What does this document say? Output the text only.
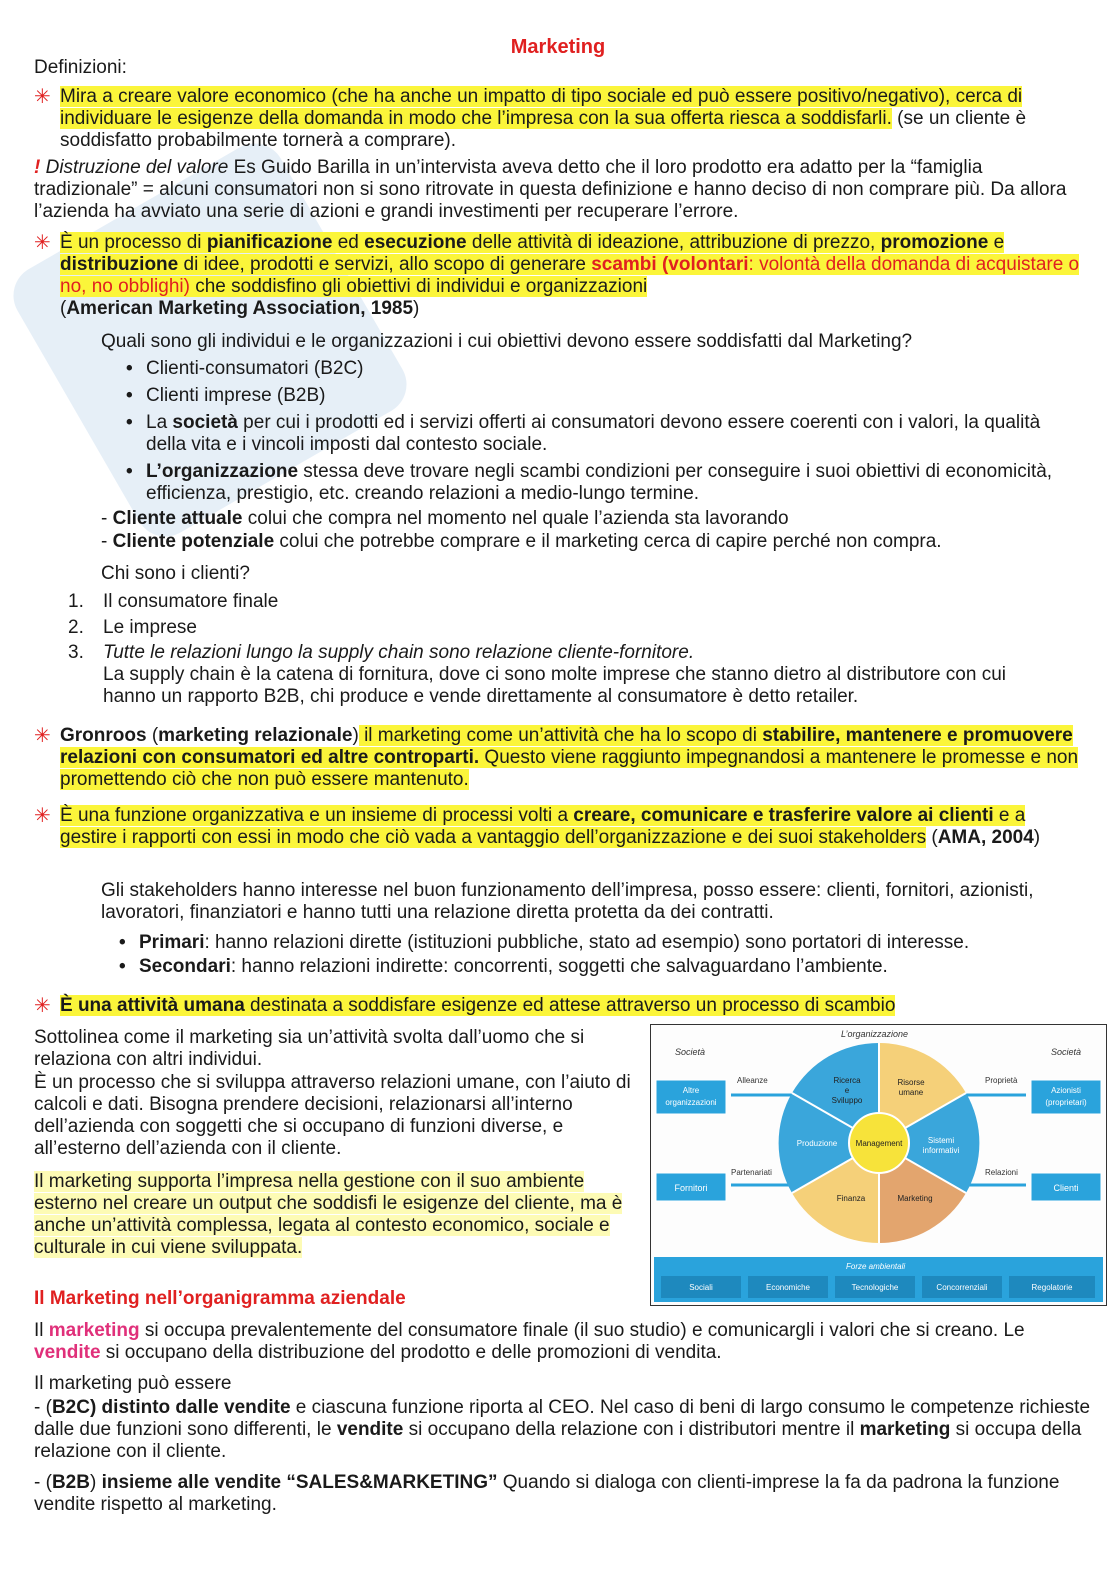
Marketing
Definizioni:
✳ Mira a creare valore economico (che ha anche un impatto di tipo sociale ed può essere positivo/negativo), cerca di individuare le esigenze della domanda in modo che l’impresa con la sua offerta riesca a soddisfarli. (se un cliente è soddisfatto probabilmente tornerà a comprare).
! Distruzione del valore Es Guido Barilla in un’intervista aveva detto che il loro prodotto era adatto per la “famiglia tradizionale” = alcuni consumatori non si sono ritrovate in questa definizione e hanno deciso di non comprare più. Da allora l’azienda ha avviato una serie di azioni e grandi investimenti per recuperare l’errore.
✳ È un processo di pianificazione ed esecuzione delle attività di ideazione, attribuzione di prezzo, promozione e distribuzione di idee, prodotti e servizi, allo scopo di generare scambi (volontari: volontà della domanda di acquistare o no, no obblighi) che soddisfino gli obiettivi di individui e organizzazioni
(American Marketing Association, 1985)
Quali sono gli individui e le organizzazioni i cui obiettivi devono essere soddisfatti dal Marketing?
• Clienti-consumatori (B2C)
• Clienti imprese (B2B)
• La società per cui i prodotti ed i servizi offerti ai consumatori devono essere coerenti con i valori, la qualità della vita e i vincoli imposti dal contesto sociale.
• L’organizzazione stessa deve trovare negli scambi condizioni per conseguire i suoi obiettivi di economicità, efficienza, prestigio, etc. creando relazioni a medio-lungo termine.
- Cliente attuale colui che compra nel momento nel quale l’azienda sta lavorando
- Cliente potenziale colui che potrebbe comprare e il marketing cerca di capire perché non compra.
Chi sono i clienti?
1. Il consumatore finale
2. Le imprese
3. Tutte le relazioni lungo la supply chain sono relazione cliente-fornitore.
La supply chain è la catena di fornitura, dove ci sono molte imprese che stanno dietro al distributore con cui hanno un rapporto B2B, chi produce e vende direttamente al consumatore è detto retailer.
✳ Gronroos (marketing relazionale) il marketing come un’attività che ha lo scopo di stabilire, mantenere e promuovere relazioni con consumatori ed altre controparti. Questo viene raggiunto impegnandosi a mantenere le promesse e non promettendo ciò che non può essere mantenuto.
✳ È una funzione organizzativa e un insieme di processi volti a creare, comunicare e trasferire valore ai clienti e a gestire i rapporti con essi in modo che ciò vada a vantaggio dell’organizzazione e dei suoi stakeholders (AMA, 2004)
Gli stakeholders hanno interesse nel buon funzionamento dell’impresa, posso essere: clienti, fornitori, azionisti, lavoratori, finanziatori e hanno tutti una relazione diretta protetta da dei contratti.
• Primari: hanno relazioni dirette (istituzioni pubbliche, stato ad esempio) sono portatori di interesse.
• Secondari: hanno relazioni indirette: concorrenti, soggetti che salvaguardano l’ambiente.
✳ È una attività umana destinata a soddisfare esigenze ed attese attraverso un processo di scambio
Sottolinea come il marketing sia un’attività svolta dall’uomo che si relaziona con altri individui.
È un processo che si sviluppa attraverso relazioni umane, con l’aiuto di calcoli e dati. Bisogna prendere decisioni, relazionarsi all’interno dell’azienda con soggetti che si occupano di funzioni diverse, e all’esterno dell’azienda con il cliente.
Il marketing supporta l’impresa nella gestione con il suo ambiente esterno nel creare un output che soddisfi le esigenze del cliente, ma è anche un’attività complessa, legata al contesto economico, sociale e culturale in cui viene sviluppata.
L’organizzazione
Società	Società
Alleanze	Proprietà
Partenariati	Relazioni
Altre
organizzazioni
Azionisti
(proprietari)
Fornitori	Clienti
Management
Ricerca
e
Sviluppo
Risorse
umane
Sistemi
informativi
Marketing
Finanza
Produzione
Forze ambientali
Sociali	Economiche	Tecnologiche	Concorrenziali	Regolatorie
Il Marketing nell’organigramma aziendale
Il marketing si occupa prevalentemente del consumatore finale (il suo studio) e comunicargli i valori che si creano. Le vendite si occupano della distribuzione del prodotto e delle promozioni di vendita.
Il marketing può essere
- (B2C) distinto dalle vendite e ciascuna funzione riporta al CEO. Nel caso di beni di largo consumo le competenze richieste dalle due funzioni sono differenti, le vendite si occupano della relazione con i distributori mentre il marketing si occupa della relazione con il cliente.
- (B2B) insieme alle vendite “SALES&MARKETING” Quando si dialoga con clienti-imprese la fa da padrona la funzione vendite rispetto al marketing.
